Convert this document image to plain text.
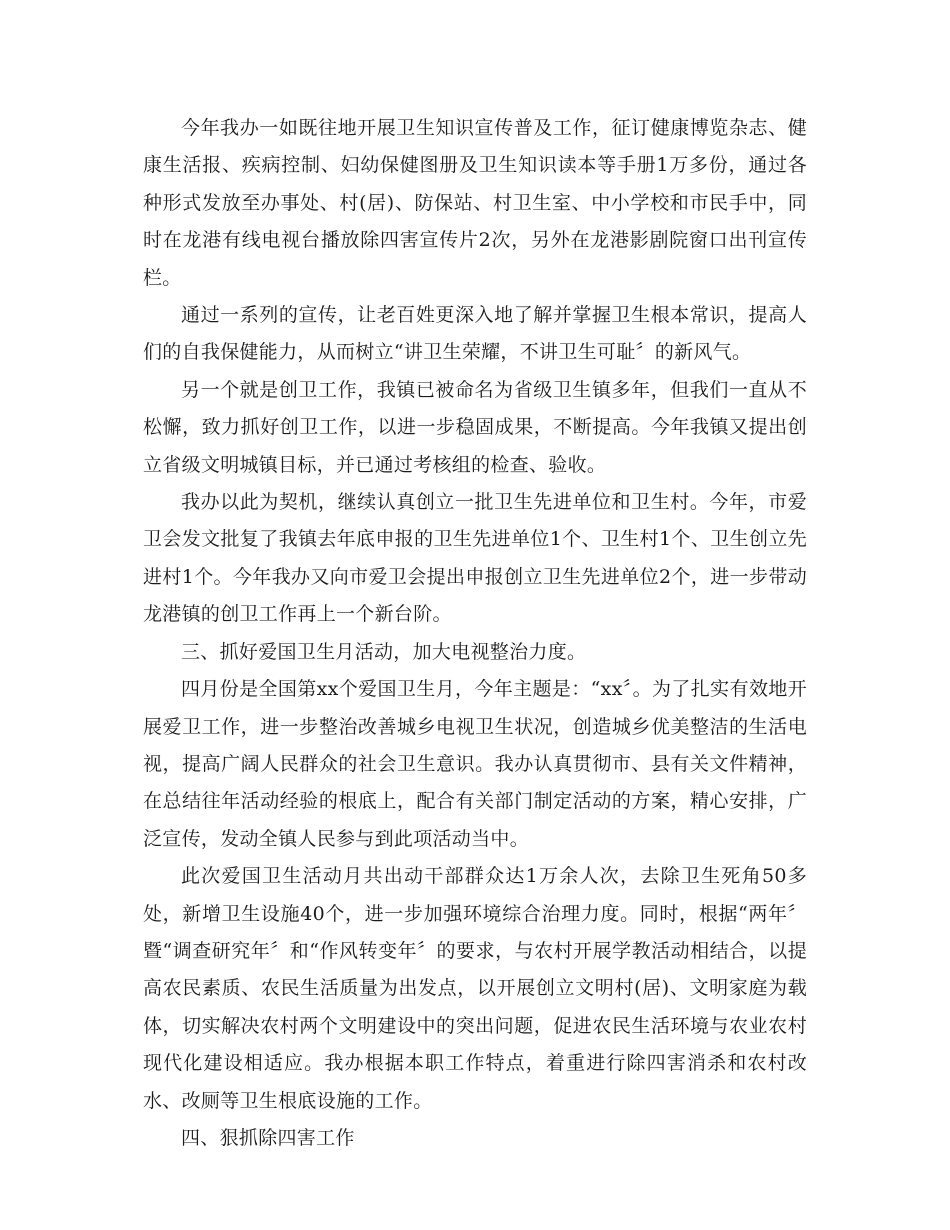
今年我办一如既往地开展卫生知识宣传普及工作，征订健康博览杂志、健康生活报、疾病控制、妇幼保健图册及卫生知识读本等手册1万多份，通过各种形式发放至办事处、村(居)、防保站、村卫生室、中小学校和市民手中，同时在龙港有线电视台播放除四害宣传片2次，另外在龙港影剧院窗口出刊宣传栏。

通过一系列的宣传，让老百姓更深入地了解并掌握卫生根本常识，提高人们的自我保健能力，从而树立“讲卫生荣耀，不讲卫生可耻〞的新风气。

另一个就是创卫工作，我镇已被命名为省级卫生镇多年，但我们一直从不松懈，致力抓好创卫工作，以进一步稳固成果，不断提高。今年我镇又提出创立省级文明城镇目标，并已通过考核组的检查、验收。

我办以此为契机，继续认真创立一批卫生先进单位和卫生村。今年，市爱卫会发文批复了我镇去年底申报的卫生先进单位1个、卫生村1个、卫生创立先进村1个。今年我办又向市爱卫会提出申报创立卫生先进单位2个，进一步带动龙港镇的创卫工作再上一个新台阶。

三、抓好爱国卫生月活动，加大电视整治力度。

四月份是全国第xx个爱国卫生月，今年主题是：“xx〞。为了扎实有效地开展爱卫工作，进一步整治改善城乡电视卫生状况，创造城乡优美整洁的生活电视，提高广阔人民群众的社会卫生意识。我办认真贯彻市、县有关文件精神，在总结往年活动经验的根底上，配合有关部门制定活动的方案，精心安排，广泛宣传，发动全镇人民参与到此项活动当中。

此次爱国卫生活动月共出动干部群众达1万余人次，去除卫生死角50多处，新增卫生设施40个，进一步加强环境综合治理力度。同时，根据“两年〞暨“调查研究年〞和“作风转变年〞的要求，与农村开展学教活动相结合，以提高农民素质、农民生活质量为出发点，以开展创立文明村(居)、文明家庭为载体，切实解决农村两个文明建设中的突出问题，促进农民生活环境与农业农村现代化建设相适应。我办根据本职工作特点，着重进行除四害消杀和农村改水、改厕等卫生根底设施的工作。

四、狠抓除四害工作
